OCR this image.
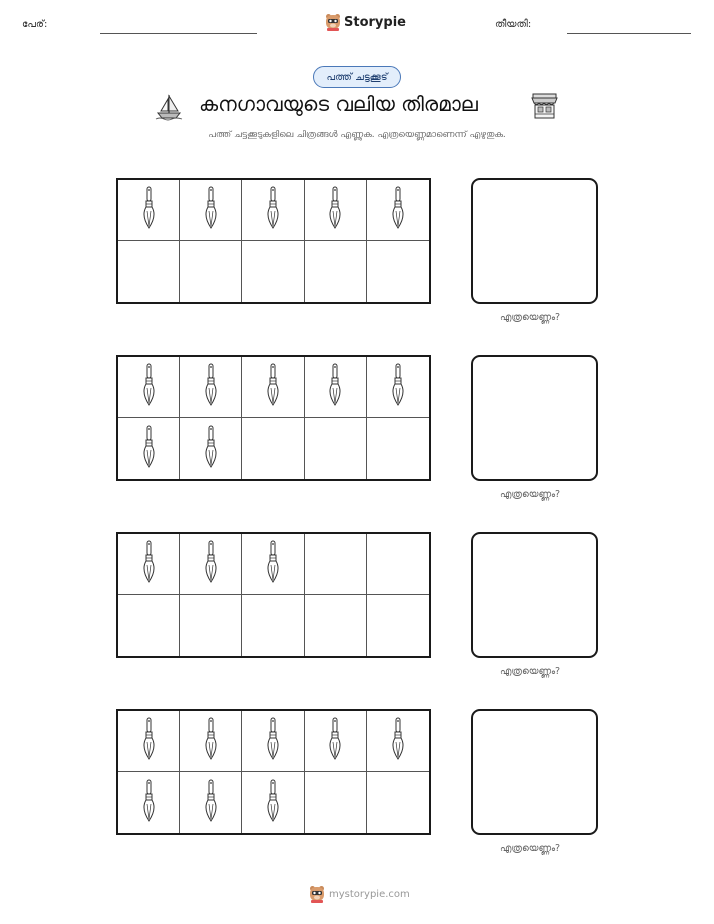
പേര്:	Storypie	തീയതി:
പത്ത് ചട്ടക്കൂട്
കനഗാവയുടെ വലിയ തിരമാല
പത്ത് ചട്ടക്കൂടുകളിലെ ചിത്രങ്ങൾ എണ്ണുക. എത്രയെണ്ണമാണെന്ന് എഴുതുക.
എത്രയെണ്ണം?
എത്രയെണ്ണം?
എത്രയെണ്ണം?
എത്രയെണ്ണം?
mystorypie.com
